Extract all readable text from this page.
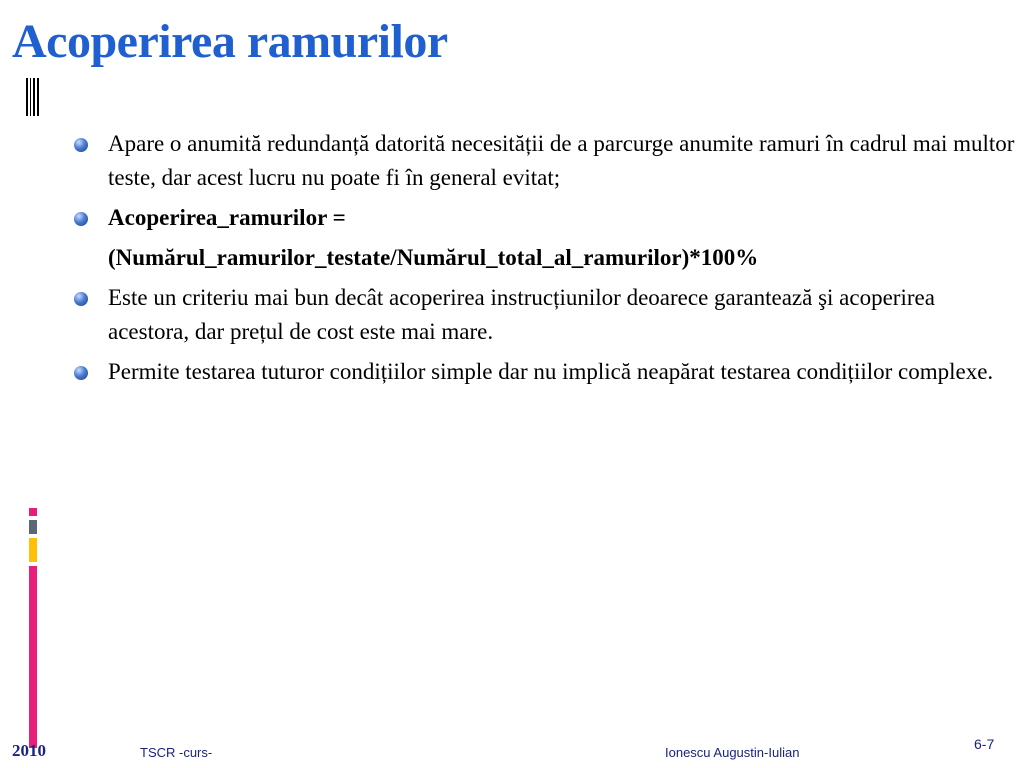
Acoperirea ramurilor
Apare o anumită redundanță datorită necesității de a parcurge anumite ramuri în cadrul mai multor teste, dar acest lucru nu poate fi în general evitat;
Acoperirea_ramurilor =
(Numărul_ramurilor_testate/Numărul_total_al_ramurilor)*100%
Este un criteriu mai bun decât acoperirea instrucțiunilor deoarece garantează şi acoperirea acestora, dar prețul de cost este mai mare.
Permite testarea tuturor condițiilor simple dar nu implică neapărat testarea condițiilor complexe.
2010	TSCR -curs-	Ionescu Augustin-Iulian
6-7
